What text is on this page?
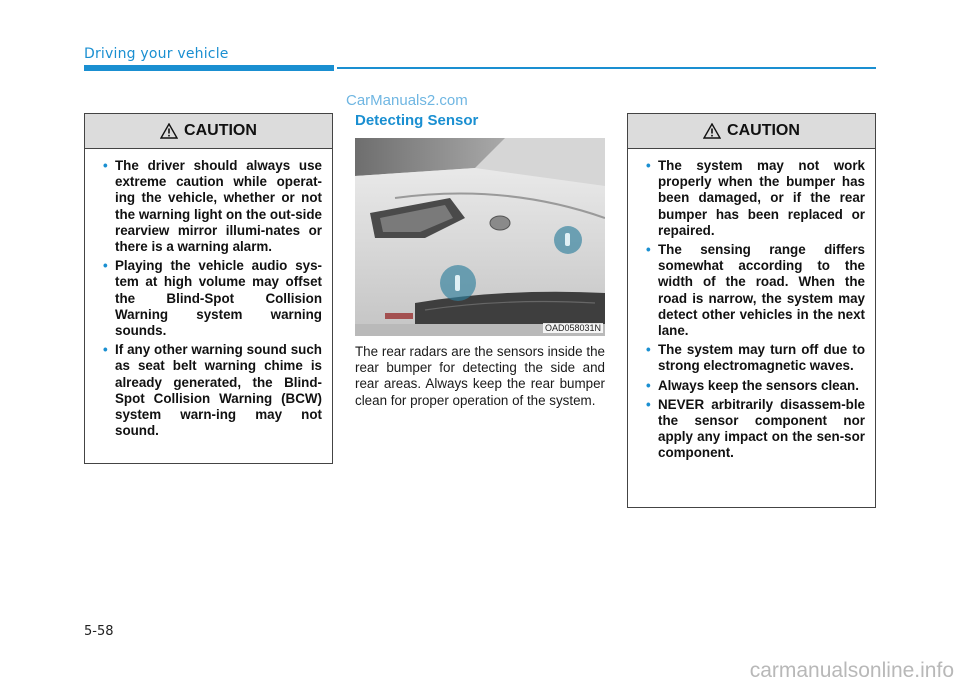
Driving your vehicle
CarManuals2.com
CAUTION
• The driver should always use extreme caution while operat-ing the vehicle, whether or not the warning light on the out-side rearview mirror illumi-nates or there is a warning alarm.
• Playing the vehicle audio sys-tem at high volume may offset the Blind-Spot Collision Warning system warning sounds.
• If any other warning sound such as seat belt warning chime is already generated, the Blind-Spot Collision Warning (BCW) system warn-ing may not sound.
Detecting Sensor
OAD058031N
The rear radars are the sensors inside the rear bumper for detecting the side and rear areas. Always keep the rear bumper clean for proper operation of the system.
CAUTION
• The system may not work properly when the bumper has been damaged, or if the rear bumper has been replaced or repaired.
• The sensing range differs somewhat according to the width of the road. When the road is narrow, the system may detect other vehicles in the next lane.
• The system may turn off due to strong electromagnetic waves.
• Always keep the sensors clean.
• NEVER arbitrarily disassem-ble the sensor component nor apply any impact on the sen-sor component.
5-58
carmanualsonline.info
